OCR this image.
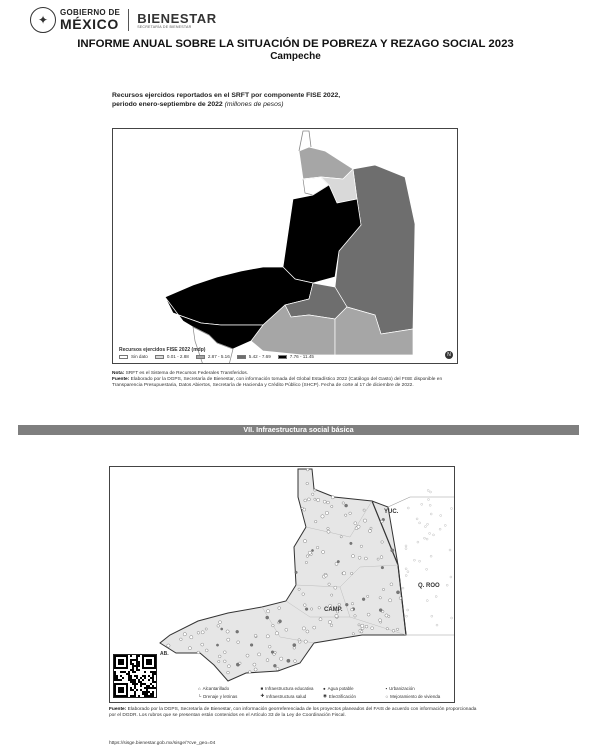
✦
GOBIERNO DE
MÉXICO BIENESTAR
SECRETARÍA DE BIENESTAR
INFORME ANUAL SOBRE LA SITUACIÓN DE POBREZA Y REZAGO SOCIAL 2023
Campeche
Recursos ejercidos reportados en el SRFT por componente FISE 2022,
periodo enero-septiembre de 2022 (millones de pesos)
Recursos ejercidos FISE 2022 (mdp)
Sin dato	0.01 - 2.88	2.87 - 5.16	5.42 - 7.69	7.76 - 11.45	N
Nota: SRFT es el Sistema de Recursos Federales Transferidos.
Fuente: Elaborado por la DGPS, Secretaría de Bienestar, con información tomada del Global Estadístico 2022 (Catálogo del Gasto) del FISE disponible en Transparencia Presupuestaria, Datos Abiertos, Secretaría de Hacienda y Crédito Público (SHCP). Fecha de corte al 17 de diciembre de 2022.
VII. Infraestructura social básica
YUC.
Q. ROO
CAMP.
AB.
⌂ Alcantarillado	■ Infraestructura educativa ● Agua potable	▪ Urbanización
└ Drenaje y letrinas	✚ Infraestructura salud	◉ Electrificación	○ Mejoramiento de vivienda
Fuente: Elaborado por la DGPS, Secretaría de Bienestar, con información georreferenciada de los proyectos planeados del FAIS de acuerdo con información proporcionada por el DGDR. Los rubros que se presentan están contenidos en el Artículo 33 de la Ley de Coordinación Fiscal.
https://sisge.bienestar.gob.mx/sisge/?cve_geo=04
